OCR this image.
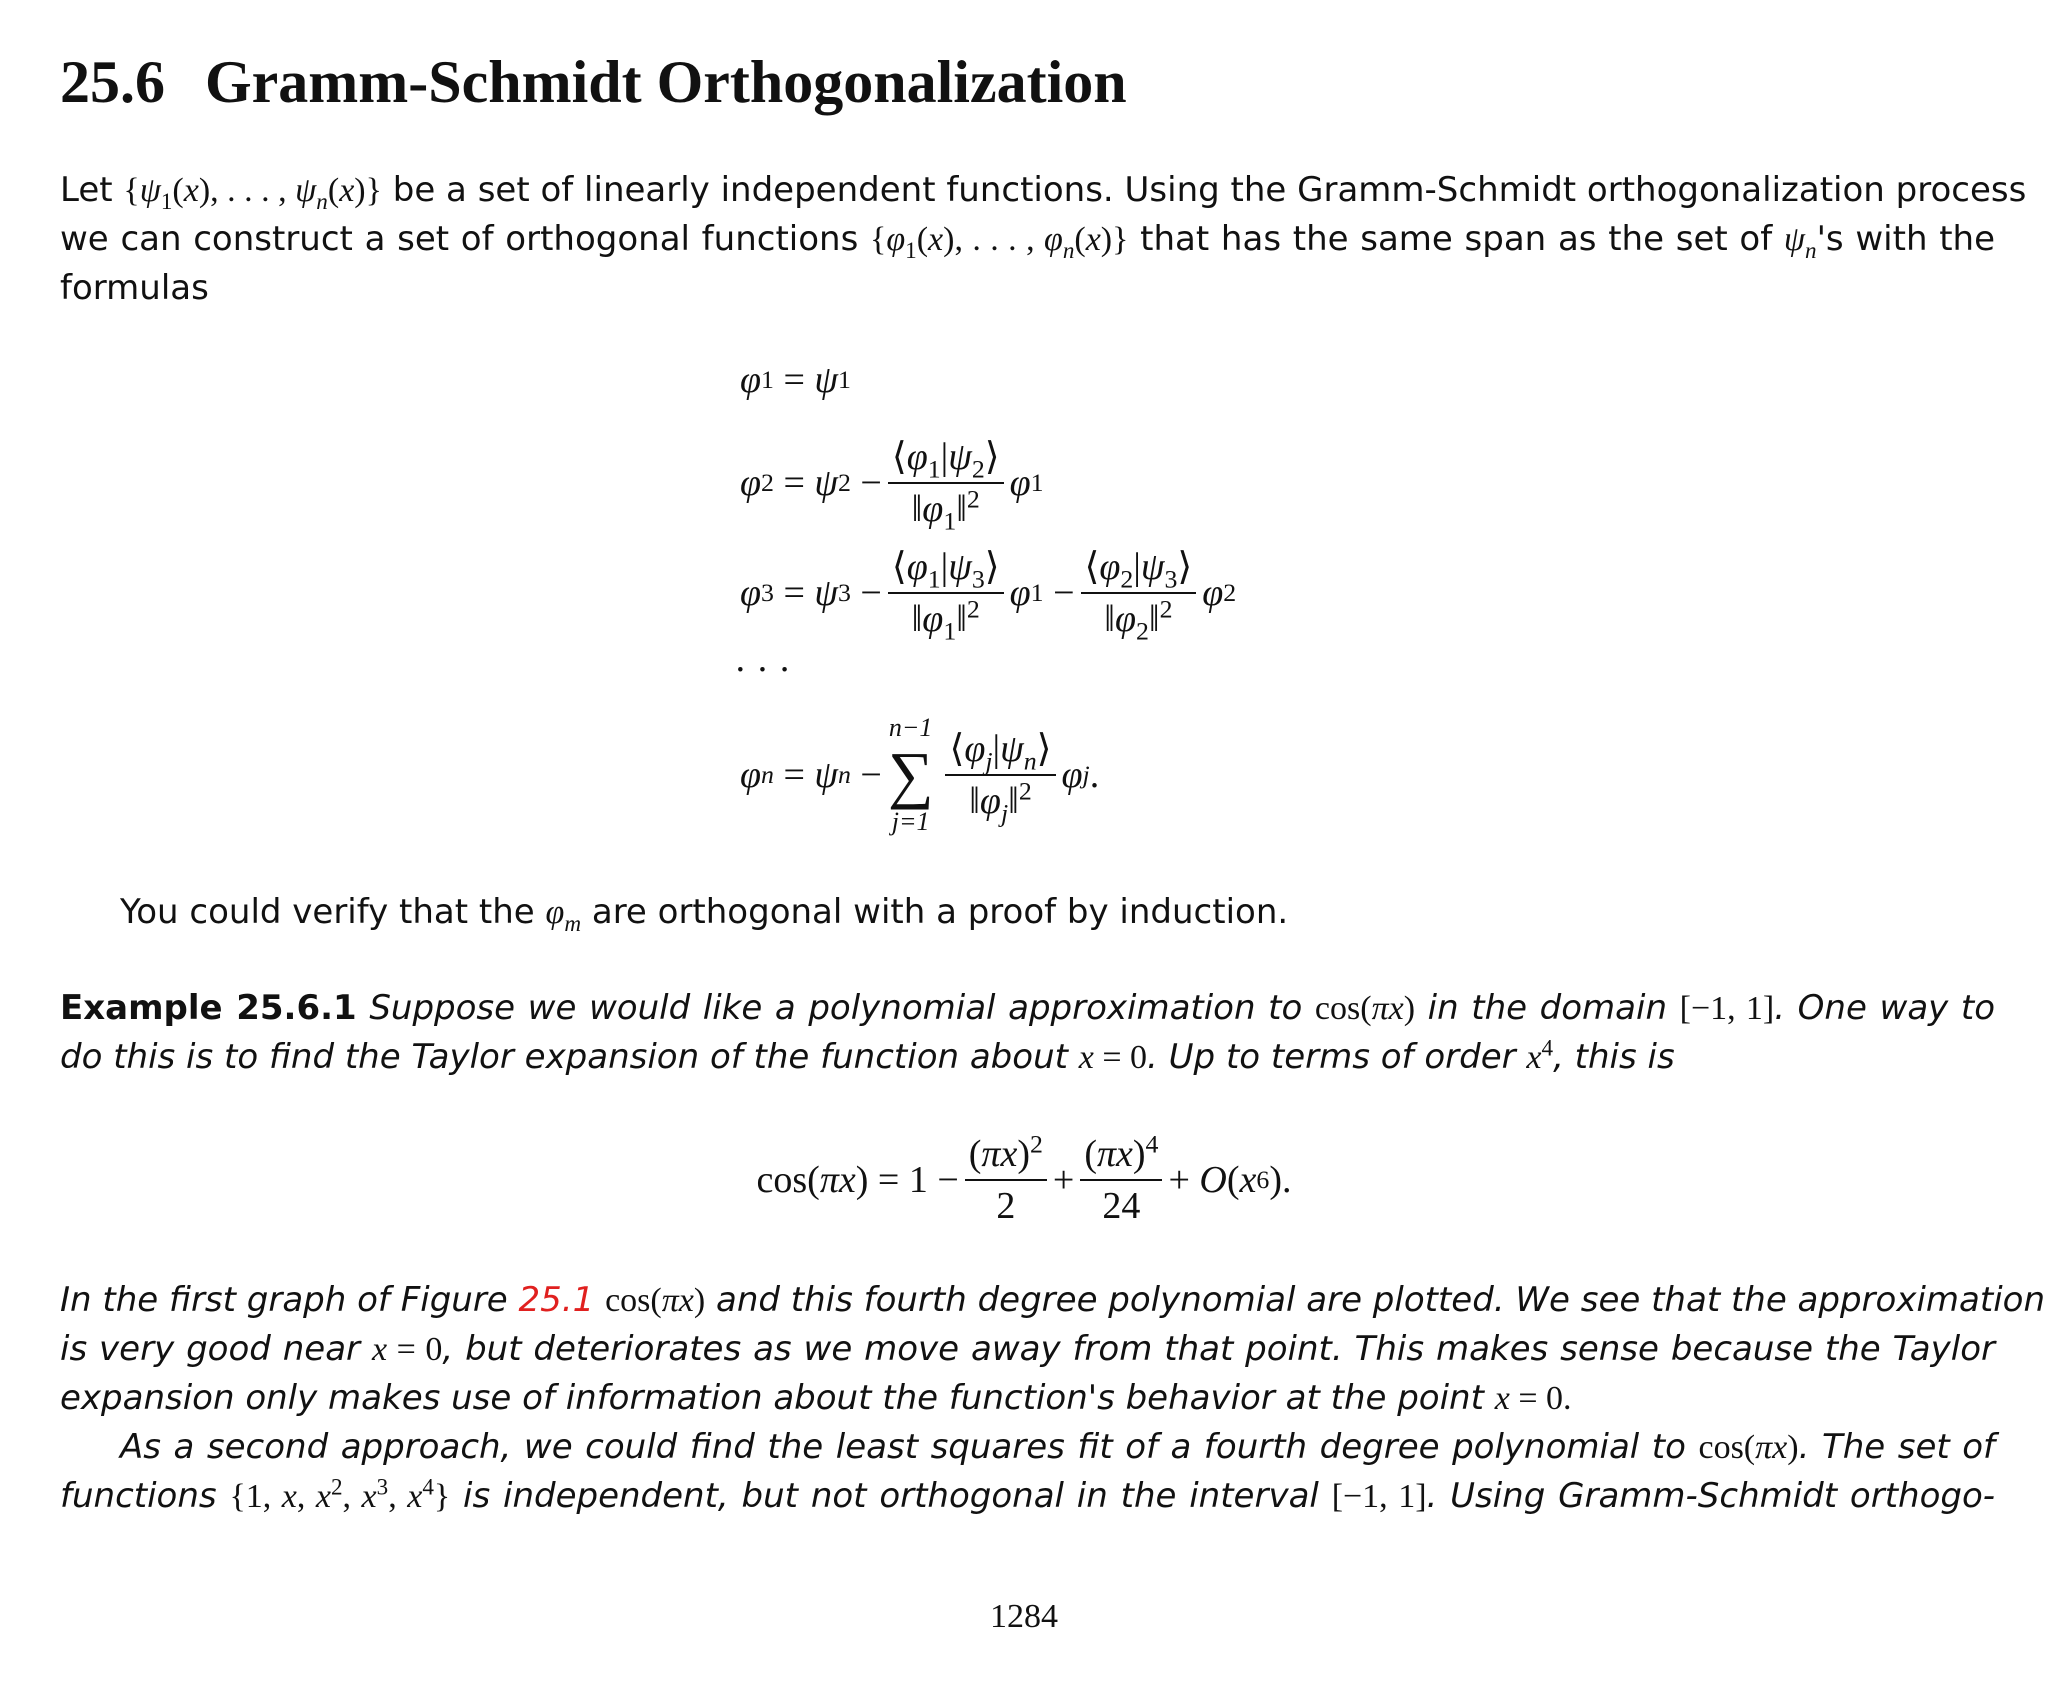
25.6 Gramm-Schmidt Orthogonalization
Let {$\psi_1(x)$, . . . , $\psi_n(x)$} be a set of linearly independent functions. Using the Gramm-Schmidt orthogonalization process
we can construct a set of orthogonal functions {$\varphi_1(x)$, . . . , $\varphi_n(x)$} that has the same span as the set of $\psi_n's$ with the
formulas
φ 1 = ψ 1
φ 2 = ψ $2 - \frac{⟨\varphi_1|\psi_2⟩}{‖\varphi_1‖^2}$ φ 1
φ 3 = ψ $3 - \frac{⟨\varphi_1|\psi_3⟩}{‖\varphi_1‖^2}$ φ $1 - \frac{⟨\varphi_2|\psi_3⟩}{‖\varphi_2‖^2}$ φ 2
· · ·
φ n = ψ n −
n−1
∑
$j=1 \frac{⟨\varphi_j|\psi_n⟩}{‖\varphi_j‖^2}$ φ j .
You could verify that the $\varphi_m$ are orthogonal with a proof by induction.
Example 25.6.1 Suppose we would like a polynomial approximation to cos(πx) in the domain [−1, 1]. One way to
do this is to find the Taylor expansion of the function about x = 0. Up to terms of order $x^4$, this is
cos( πx ) = $1 - \frac{(\pi x)^2}{2} + \frac{(\pi x)^4}{24} + O$ ( x 6 ).
In the first graph of Figure 25.1 cos(πx) and this fourth degree polynomial are plotted. We see that the approximation
is very good near x = 0, but deteriorates as we move away from that point. This makes sense because the Taylor
expansion only makes use of information about the function's behavior at the point x = 0.
As a second approach, we could find the least squares fit of a fourth degree polynomial to cos(πx). The set of
functions {1, x, $x^2$, $x^3$, $x^4$} is independent, but not orthogonal in the interval [−1, 1]. Using Gramm-Schmidt orthogo-
1284
